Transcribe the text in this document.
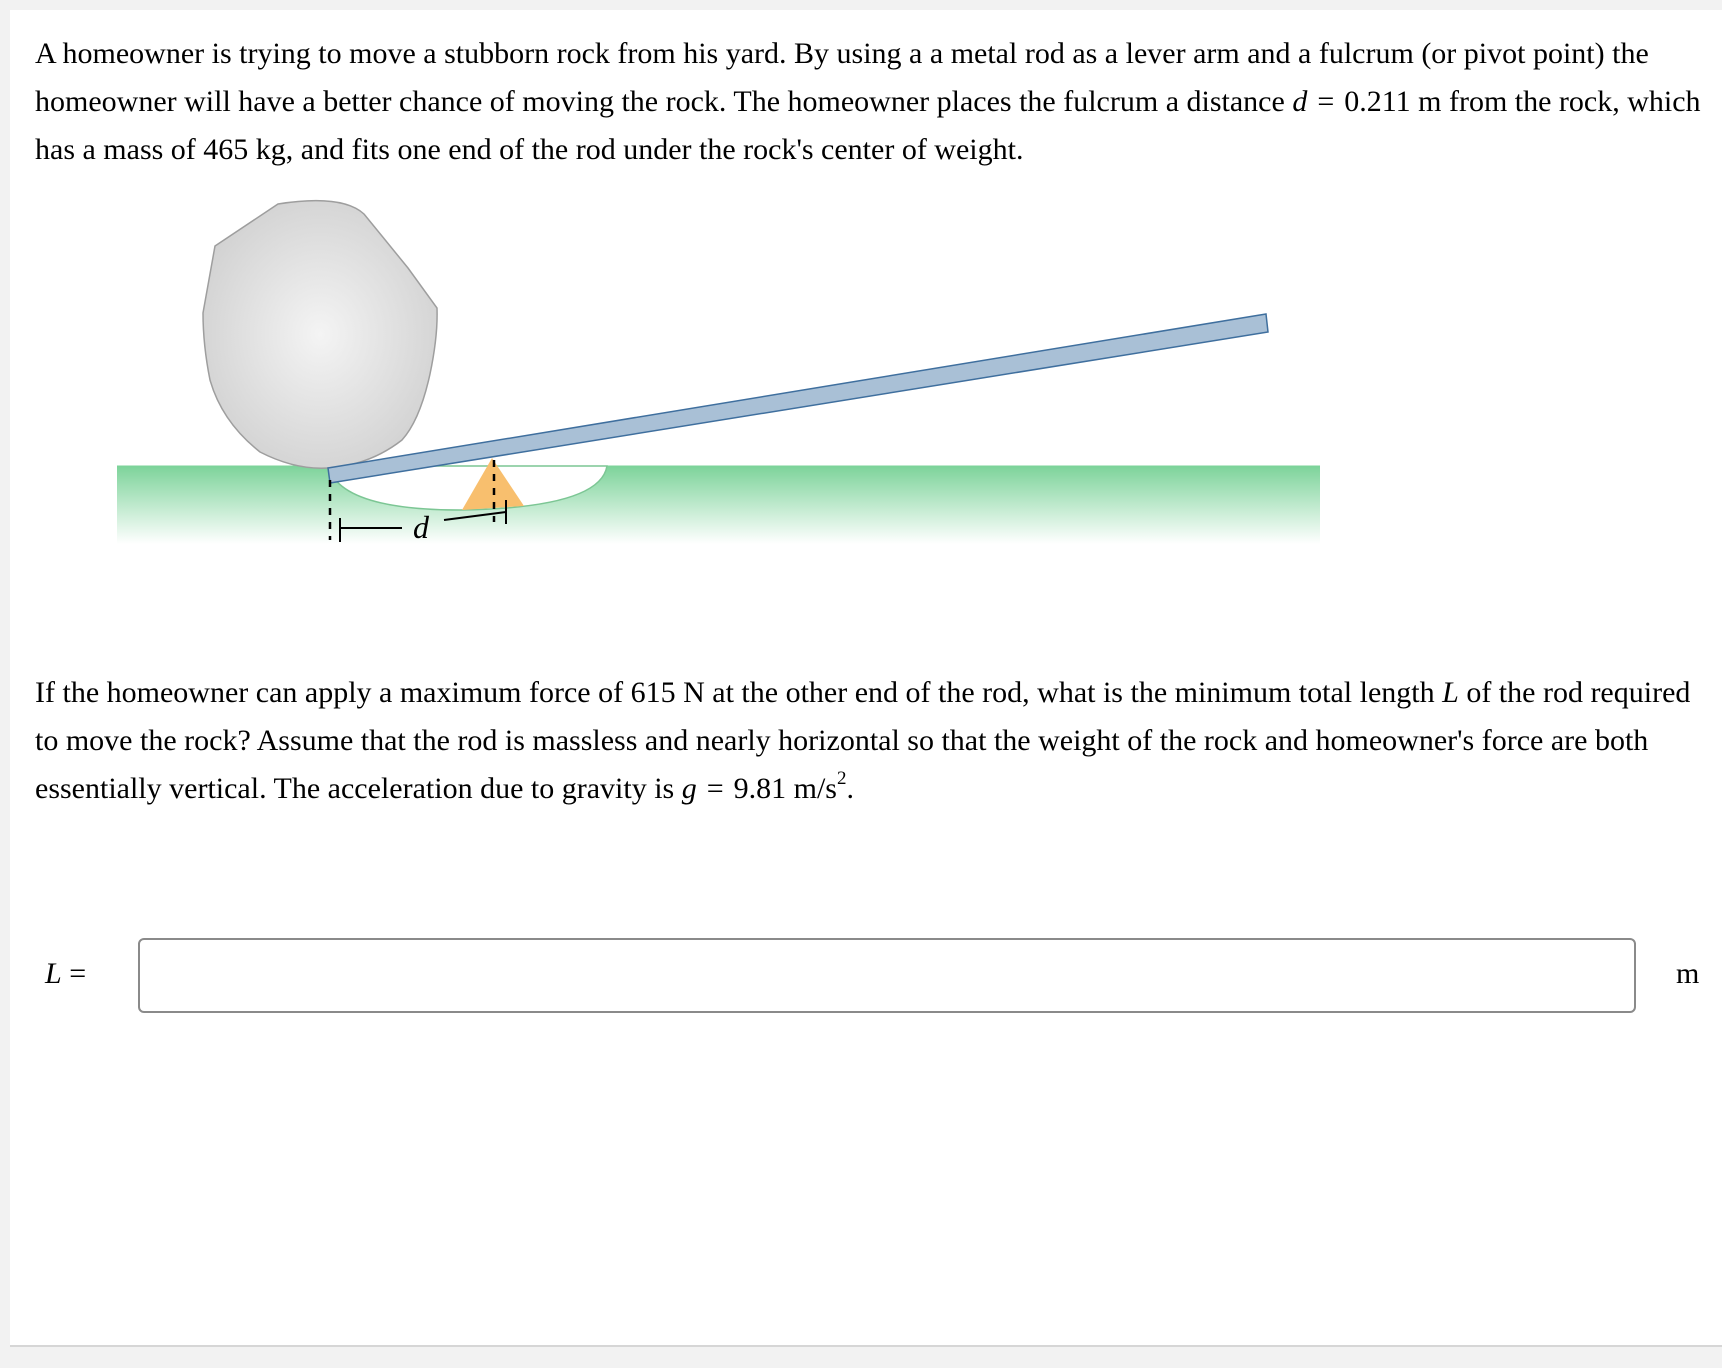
A homeowner is trying to move a stubborn rock from his yard. By using a a metal rod as a lever arm and a fulcrum (or pivot point) the homeowner will have a better chance of moving the rock. The homeowner places the fulcrum a distance d = 0.211 m from the rock, which has a mass of 465 kg, and fits one end of the rod under the rock's center of weight.

d

If the homeowner can apply a maximum force of 615 N at the other end of the rod, what is the minimum total length L of the rod required to move the rock? Assume that the rod is massless and nearly horizontal so that the weight of the rock and homeowner's force are both essentially vertical. The acceleration due to gravity is g = 9.81 $m/s^2$.

L =	m
